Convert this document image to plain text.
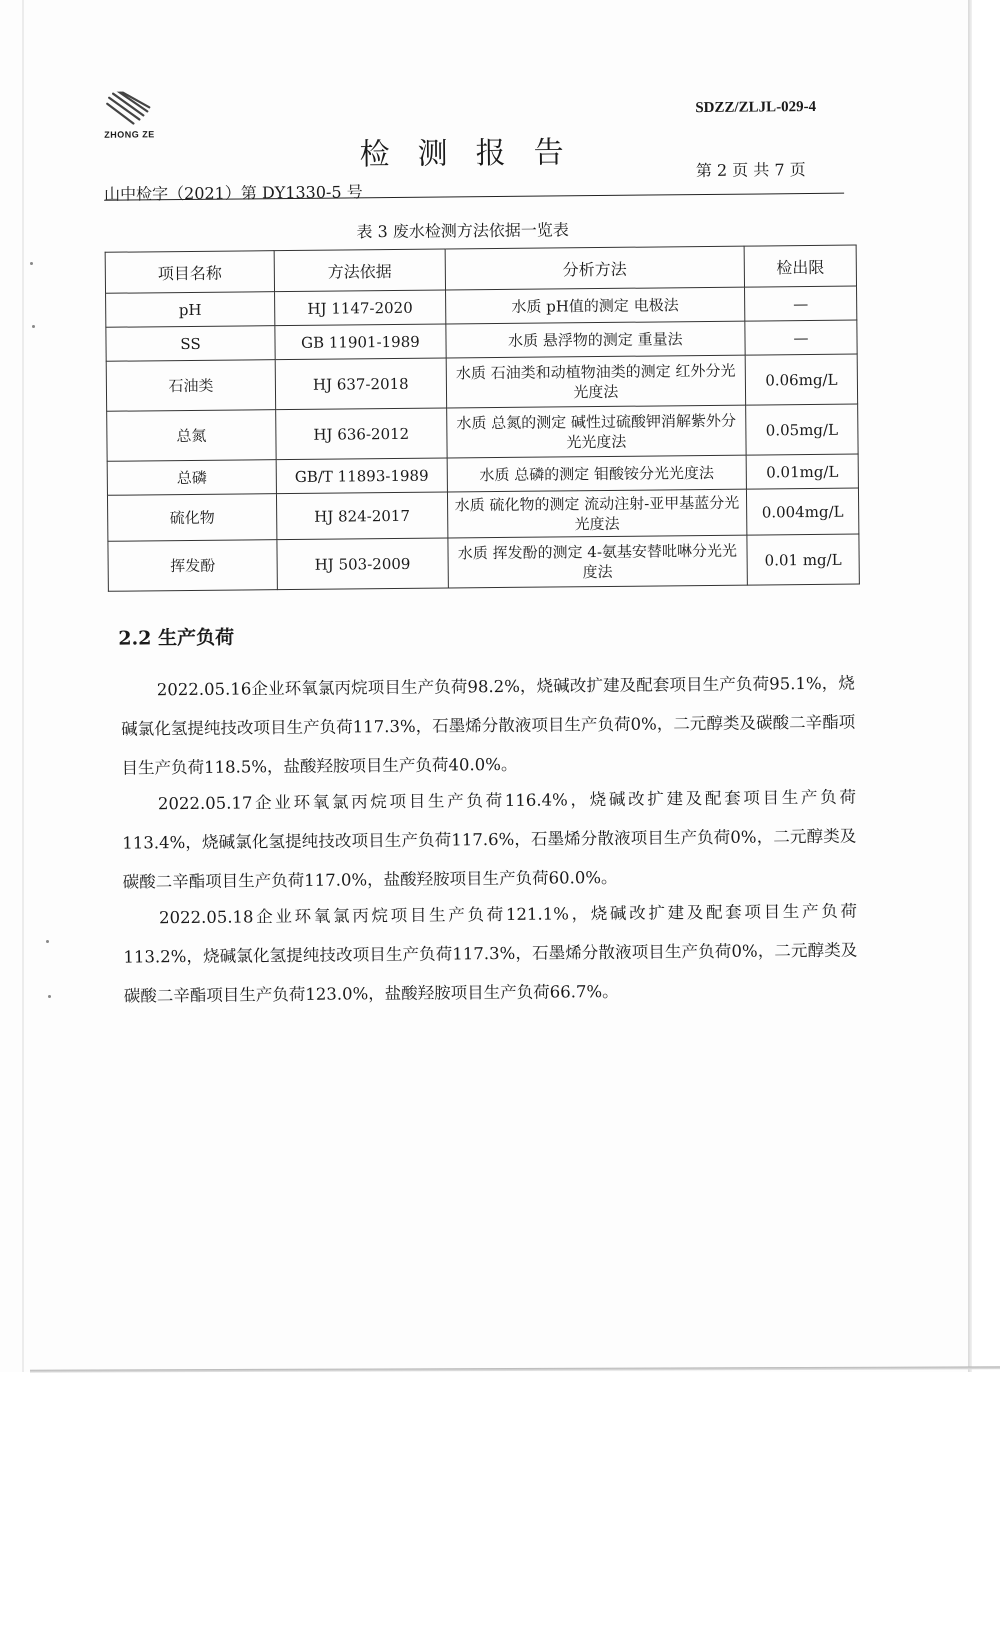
ZHONG ZE
SDZZ/ZLJL-029-4
检测报告
山中检字（2021）第 DY1330-5 号
第 2 页 共 7 页
表 3 废水检测方法依据一览表
项目名称	方法依据	分析方法	检出限
pH	HJ 1147-2020	水质 pH值的测定 电极法	—
SS	GB 11901-1989	水质 悬浮物的测定 重量法	—
石油类	HJ 637-2018	水质 石油类和动植物油类的测定 红外分光光度法	0.06mg/L
总氮	HJ 636-2012	水质 总氮的测定 碱性过硫酸钾消解紫外分光光度法	0.05mg/L
总磷	GB/T 11893-1989	水质 总磷的测定 钼酸铵分光光度法	0.01mg/L
硫化物	HJ 824-2017	水质 硫化物的测定 流动注射-亚甲基蓝分光光度法	0.004mg/L
挥发酚	HJ 503-2009	水质 挥发酚的测定 4-氨基安替吡啉分光光度法	0.01 mg/L
2.2 生产负荷

2022.05.16企业环氧氯丙烷项目生产负荷98.2%，烧碱改扩建及配套项目生产负荷95.1%，烧碱氯化氢提纯技改项目生产负荷117.3%，石墨烯分散液项目生产负荷0%，二元醇类及碳酸二辛酯项目生产负荷118.5%，盐酸羟胺项目生产负荷40.0%。

2022.05.17企业环氧氯丙烷项目生产负荷116.4%，烧碱改扩建及配套项目生产负荷113.4%，烧碱氯化氢提纯技改项目生产负荷117.6%，石墨烯分散液项目生产负荷0%，二元醇类及碳酸二辛酯项目生产负荷117.0%，盐酸羟胺项目生产负荷60.0%。

2022.05.18企业环氧氯丙烷项目生产负荷121.1%，烧碱改扩建及配套项目生产负荷113.2%，烧碱氯化氢提纯技改项目生产负荷117.3%，石墨烯分散液项目生产负荷0%，二元醇类及碳酸二辛酯项目生产负荷123.0%，盐酸羟胺项目生产负荷66.7%。
